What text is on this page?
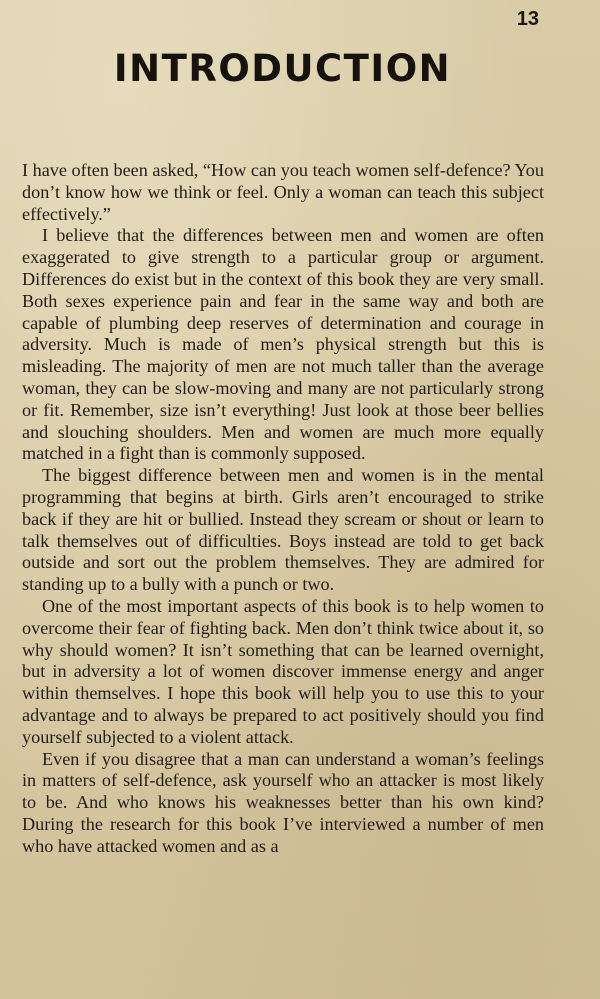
13

INTRODUCTION

I have often been asked, “How can you teach women self-defence? You don’t know how we think or feel. Only a woman can teach this subject effectively.”

I believe that the differences between men and women are often exaggerated to give strength to a particular group or argument. Differences do exist but in the context of this book they are very small. Both sexes experience pain and fear in the same way and both are capable of plumbing deep reserves of determination and courage in adversity. Much is made of men’s physical strength but this is misleading. The majority of men are not much taller than the average woman, they can be slow-moving and many are not particularly strong or fit. Remember, size isn’t everything! Just look at those beer bellies and slouching shoulders. Men and women are much more equally matched in a fight than is commonly supposed.

The biggest difference between men and women is in the mental programming that begins at birth. Girls aren’t encouraged to strike back if they are hit or bullied. Instead they scream or shout or learn to talk themselves out of difficulties. Boys instead are told to get back outside and sort out the problem themselves. They are admired for standing up to a bully with a punch or two.

One of the most important aspects of this book is to help women to overcome their fear of fighting back. Men don’t think twice about it, so why should women? It isn’t something that can be learned overnight, but in adversity a lot of women discover immense energy and anger within themselves. I hope this book will help you to use this to your advantage and to always be prepared to act positively should you find yourself subjected to a violent attack.

Even if you disagree that a man can understand a woman’s feelings in matters of self-defence, ask yourself who an attacker is most likely to be. And who knows his weaknesses better than his own kind? During the research for this book I’ve interviewed a number of men who have attacked women and as a
